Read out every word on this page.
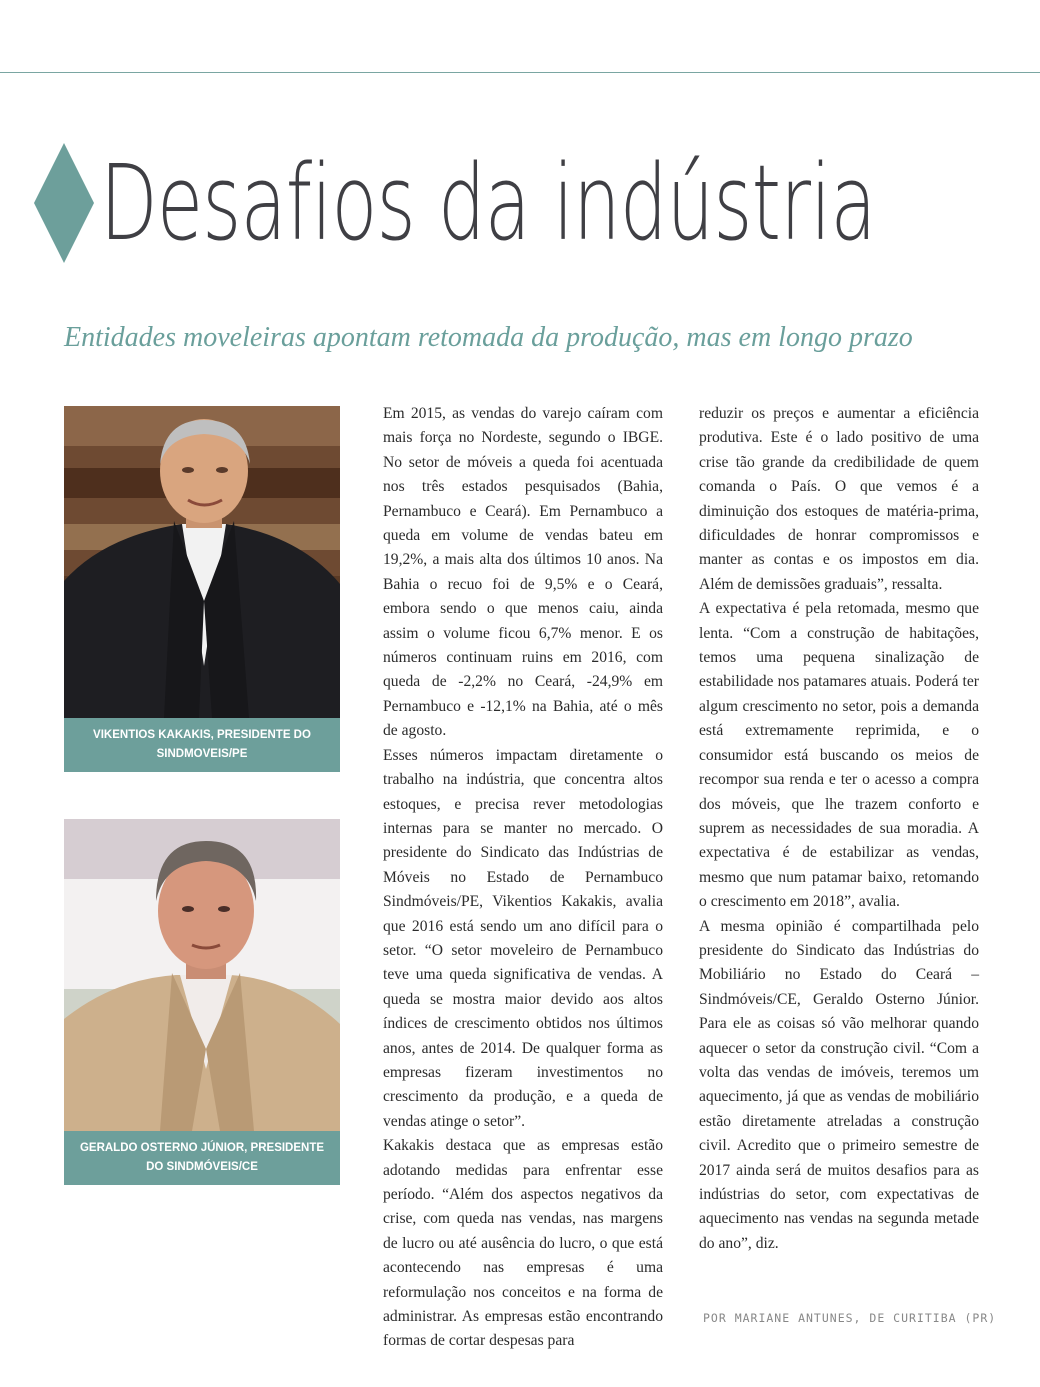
Desafios da indústria
Entidades moveleiras apontam retomada da produção, mas em longo prazo
VIKENTIOS KAKAKIS, PRESIDENTE DO SINDMOVEIS/PE
GERALDO OSTERNO JÚNIOR, PRESIDENTE DO SINDMÓVEIS/CE

Em 2015, as vendas do varejo caíram com mais força no Nordeste, segundo o IBGE. No setor de móveis a queda foi acentuada nos três estados pesquisados (Bahia, Pernambuco e Ceará). Em Pernambuco a queda em volume de vendas bateu em 19,2%, a mais alta dos últimos 10 anos. Na Bahia o recuo foi de 9,5% e o Ceará, embora sendo o que menos caiu, ainda assim o volume ficou 6,7% menor. E os números continuam ruins em 2016, com queda de -2,2% no Ceará, -24,9% em Pernambuco e -12,1% na Bahia, até o mês de agosto.

Esses números impactam diretamente o trabalho na indústria, que concentra altos estoques, e precisa rever metodologias internas para se manter no mercado. O presidente do Sindicato das Indústrias de Móveis no Estado de Pernambuco Sindmóveis/PE, Vikentios Kakakis, avalia que 2016 está sendo um ano difícil para o setor. “O setor moveleiro de Pernambuco teve uma queda significativa de vendas. A queda se mostra maior devido aos altos índices de crescimento obtidos nos últimos anos, antes de 2014. De qualquer forma as empresas fizeram investimentos no crescimento da produção, e a queda de vendas atinge o setor”.

Kakakis destaca que as empresas estão adotando medidas para enfrentar esse período. “Além dos aspectos negativos da crise, com queda nas vendas, nas margens de lucro ou até ausência do lucro, o que está acontecendo nas empresas é uma reformulação nos conceitos e na forma de administrar. As empresas estão encontrando formas de cortar despesas para

reduzir os preços e aumentar a eficiência produtiva. Este é o lado positivo de uma crise tão grande da credibilidade de quem comanda o País. O que vemos é a diminuição dos estoques de matéria-prima, dificuldades de honrar compromissos e manter as contas e os impostos em dia. Além de demissões graduais”, ressalta.

A expectativa é pela retomada, mesmo que lenta. “Com a construção de habitações, temos uma pequena sinalização de estabilidade nos patamares atuais. Poderá ter algum crescimento no setor, pois a demanda está extremamente reprimida, e o consumidor está buscando os meios de recompor sua renda e ter o acesso a compra dos móveis, que lhe trazem conforto e suprem as necessidades de sua moradia. A expectativa é de estabilizar as vendas, mesmo que num patamar baixo, retomando o crescimento em 2018”, avalia.

A mesma opinião é compartilhada pelo presidente do Sindicato das Indústrias do Mobiliário no Estado do Ceará – Sindmóveis/CE, Geraldo Osterno Júnior. Para ele as coisas só vão melhorar quando aquecer o setor da construção civil. “Com a volta das vendas de imóveis, teremos um aquecimento, já que as vendas de mobiliário estão diretamente atreladas a construção civil. Acredito que o primeiro semestre de 2017 ainda será de muitos desafios para as indústrias do setor, com expectativas de aquecimento nas vendas na segunda metade do ano”, diz.

POR MARIANE ANTUNES, DE CURITIBA (PR)
